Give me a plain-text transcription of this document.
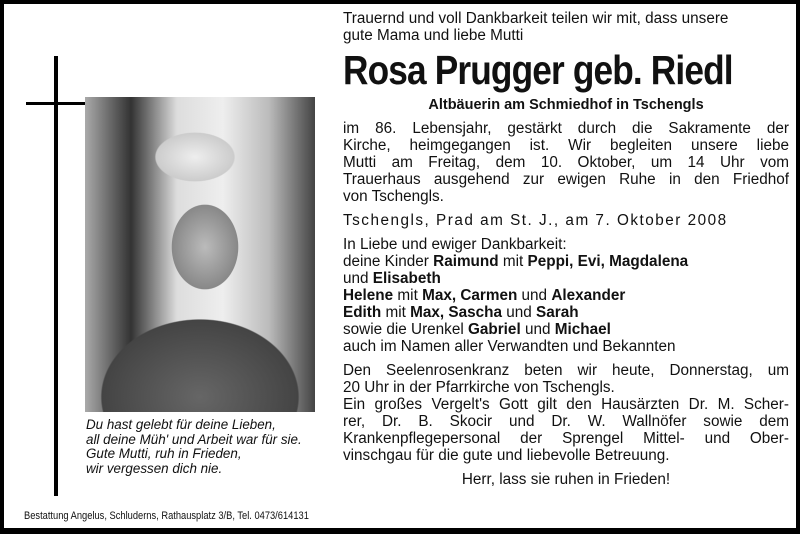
Du hast gelebt für deine Lieben,
all deine Müh' und Arbeit war für sie.
Gute Mutti, ruh in Frieden,
wir vergessen dich nie.
Bestattung Angelus, Schluderns, Rathausplatz 3/B, Tel. 0473/614131
Trauernd und voll Dankbarkeit teilen wir mit, dass unsere
gute Mama und liebe Mutti
Rosa Prugger geb. Riedl
Altbäuerin am Schmiedhof in Tschengls
im 86. Lebensjahr, gestärkt durch die Sakramente der
Kirche, heimgegangen ist. Wir begleiten unsere liebe
Mutti am Freitag, dem 10. Oktober, um 14 Uhr vom
Trauerhaus ausgehend zur ewigen Ruhe in den Friedhof
von Tschengls.
Tschengls, Prad am St. J., am 7. Oktober 2008
In Liebe und ewiger Dankbarkeit:
deine Kinder Raimund mit Peppi, Evi, Magdalena
und Elisabeth
Helene mit Max, Carmen und Alexander
Edith mit Max, Sascha und Sarah
sowie die Urenkel Gabriel und Michael
auch im Namen aller Verwandten und Bekannten
Den Seelenrosenkranz beten wir heute, Donnerstag, um
20 Uhr in der Pfarrkirche von Tschengls.
Ein großes Vergelt's Gott gilt den Hausärzten Dr. M. Scher-
rer, Dr. B. Skocir und Dr. W. Wallnöfer sowie dem
Krankenpflegepersonal der Sprengel Mittel- und Ober-
vinschgau für die gute und liebevolle Betreuung.
Herr, lass sie ruhen in Frieden!
